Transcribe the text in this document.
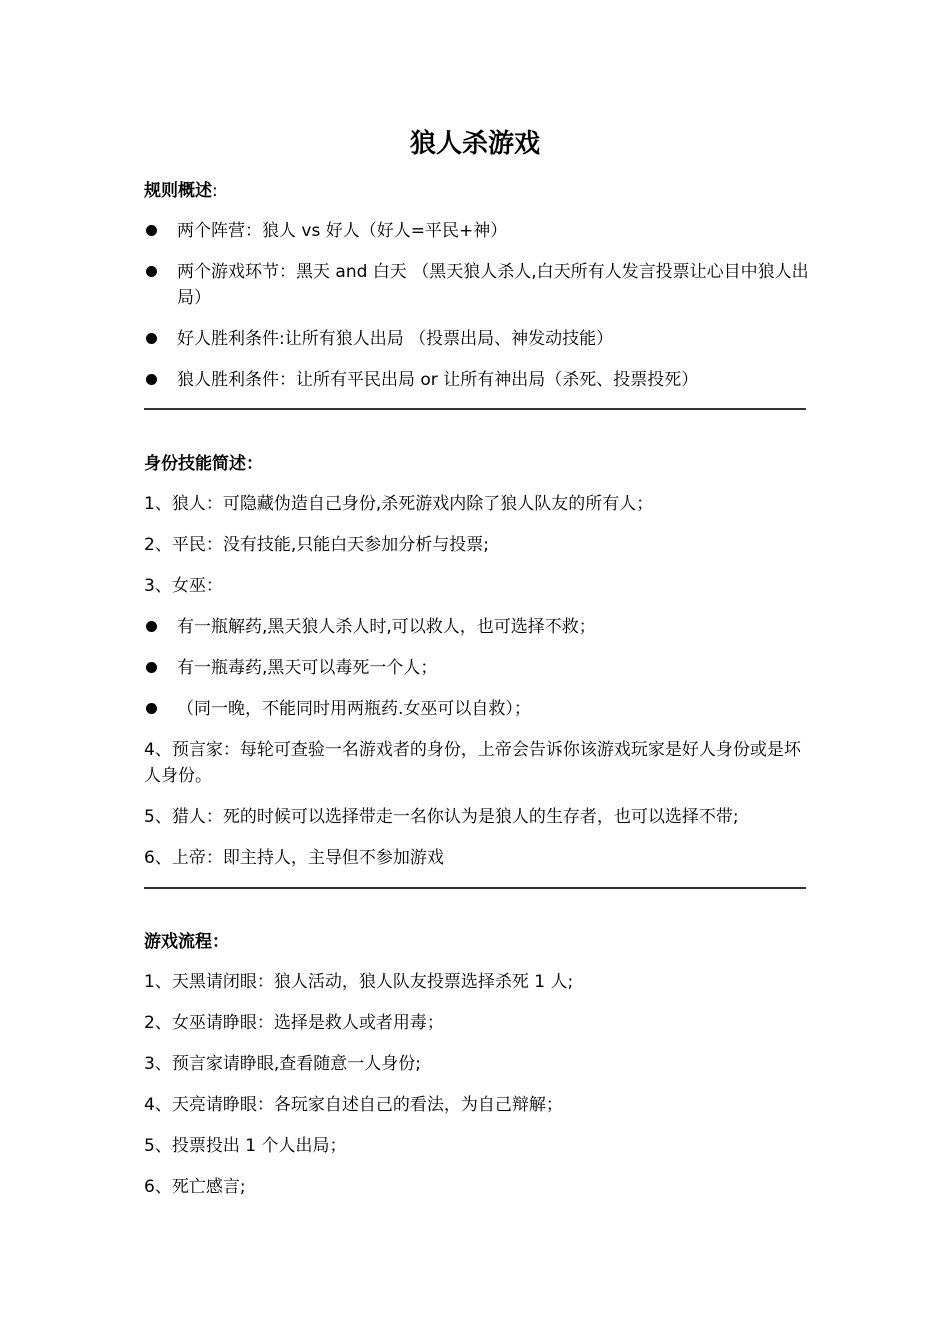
狼人杀游戏
规则概述:
两个阵营：狼人 vs 好人（好人=平民+神）
两个游戏环节：黑天 and 白天 （黑天狼人杀人,白天所有人发言投票让心目中狼人出局）
好人胜利条件:让所有狼人出局 （投票出局、神发动技能）
狼人胜利条件：让所有平民出局 or 让所有神出局（杀死、投票投死）
身份技能简述：
1、狼人：可隐藏伪造自己身份,杀死游戏内除了狼人队友的所有人；
2、平民：没有技能,只能白天参加分析与投票;
3、女巫：
有一瓶解药,黑天狼人杀人时,可以救人，也可选择不救；
有一瓶毒药,黑天可以毒死一个人；
（同一晚，不能同时用两瓶药.女巫可以自救）；
4、预言家：每轮可查验一名游戏者的身份，上帝会告诉你该游戏玩家是好人身份或是坏人身份。
5、猎人：死的时候可以选择带走一名你认为是狼人的生存者，也可以选择不带;
6、上帝：即主持人，主导但不参加游戏
游戏流程：
1、天黑请闭眼：狼人活动，狼人队友投票选择杀死 1 人;
2、女巫请睁眼：选择是救人或者用毒；
3、预言家请睁眼,查看随意一人身份;
4、天亮请睁眼：各玩家自述自己的看法，为自己辩解；
5、投票投出 1 个人出局；
6、死亡感言;
